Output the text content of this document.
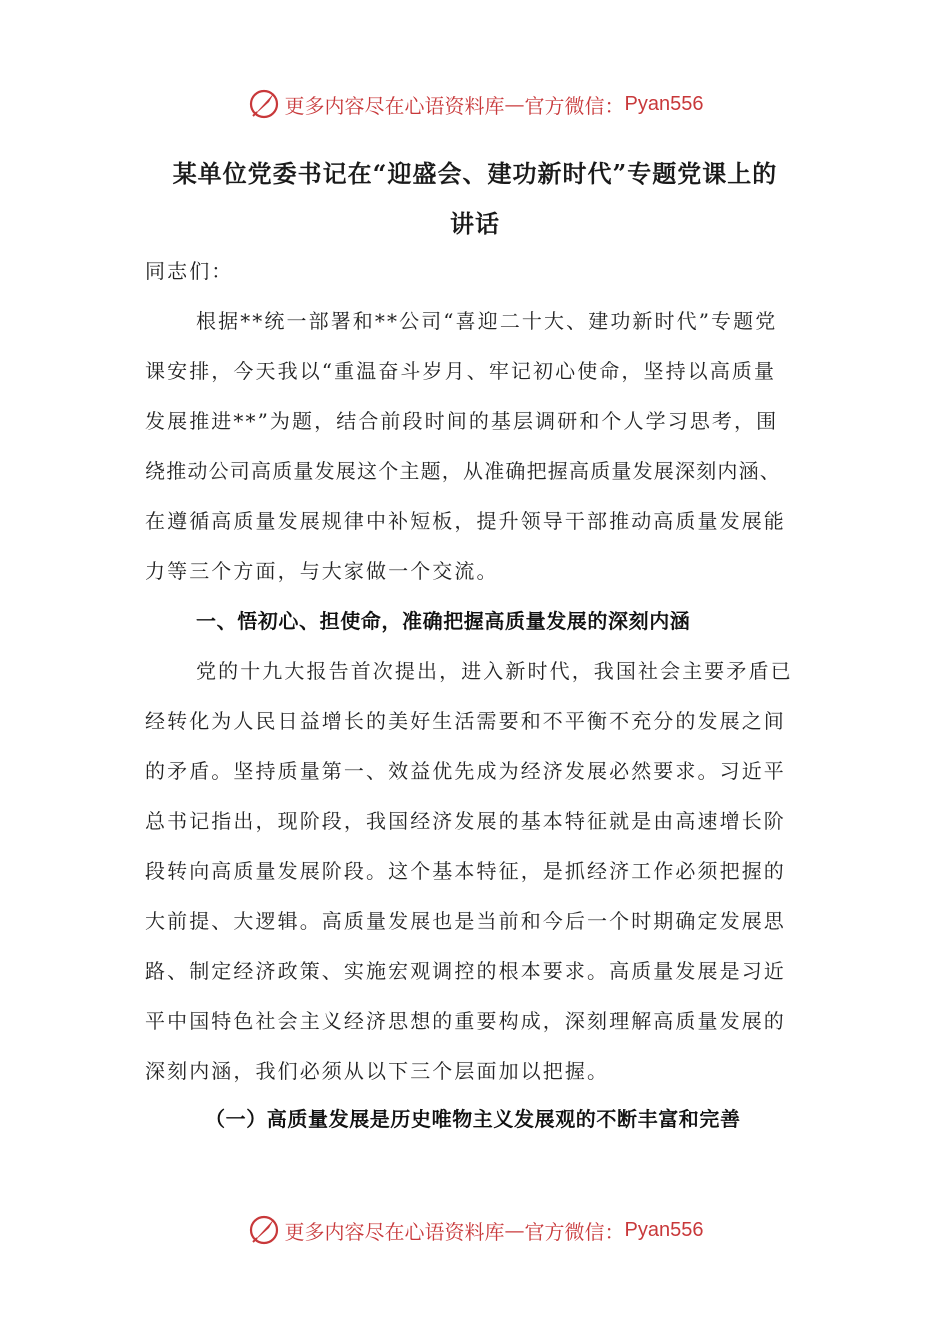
更多内容尽在心语资料库 — 官方微信： Pyan556
某单位党委书记在“迎盛会、建功新时代”专题党课上的
讲话
同志们：
根据**统一部署和**公司“喜迎二十大、建功新时代”专题党
课安排，今天我以“重温奋斗岁月、牢记初心使命，坚持以高质量
发展推进**”为题，结合前段时间的基层调研和个人学习思考，围
绕推动公司高质量发展这个主题，从准确把握高质量发展深刻内涵、
在遵循高质量发展规律中补短板，提升领导干部推动高质量发展能
力等三个方面，与大家做一个交流。
一、悟初心、担使命，准确把握高质量发展的深刻内涵
党的十九大报告首次提出，进入新时代，我国社会主要矛盾已
经转化为人民日益增长的美好生活需要和不平衡不充分的发展之间
的矛盾。坚持质量第一、效益优先成为经济发展必然要求。习近平
总书记指出，现阶段，我国经济发展的基本特征就是由高速增长阶
段转向高质量发展阶段。这个基本特征，是抓经济工作必须把握的
大前提、大逻辑。高质量发展也是当前和今后一个时期确定发展思
路、制定经济政策、实施宏观调控的根本要求。高质量发展是习近
平中国特色社会主义经济思想的重要构成，深刻理解高质量发展的
深刻内涵，我们必须从以下三个层面加以把握。
（一）高质量发展是历史唯物主义发展观的不断丰富和完善
更多内容尽在心语资料库 — 官方微信： Pyan556
